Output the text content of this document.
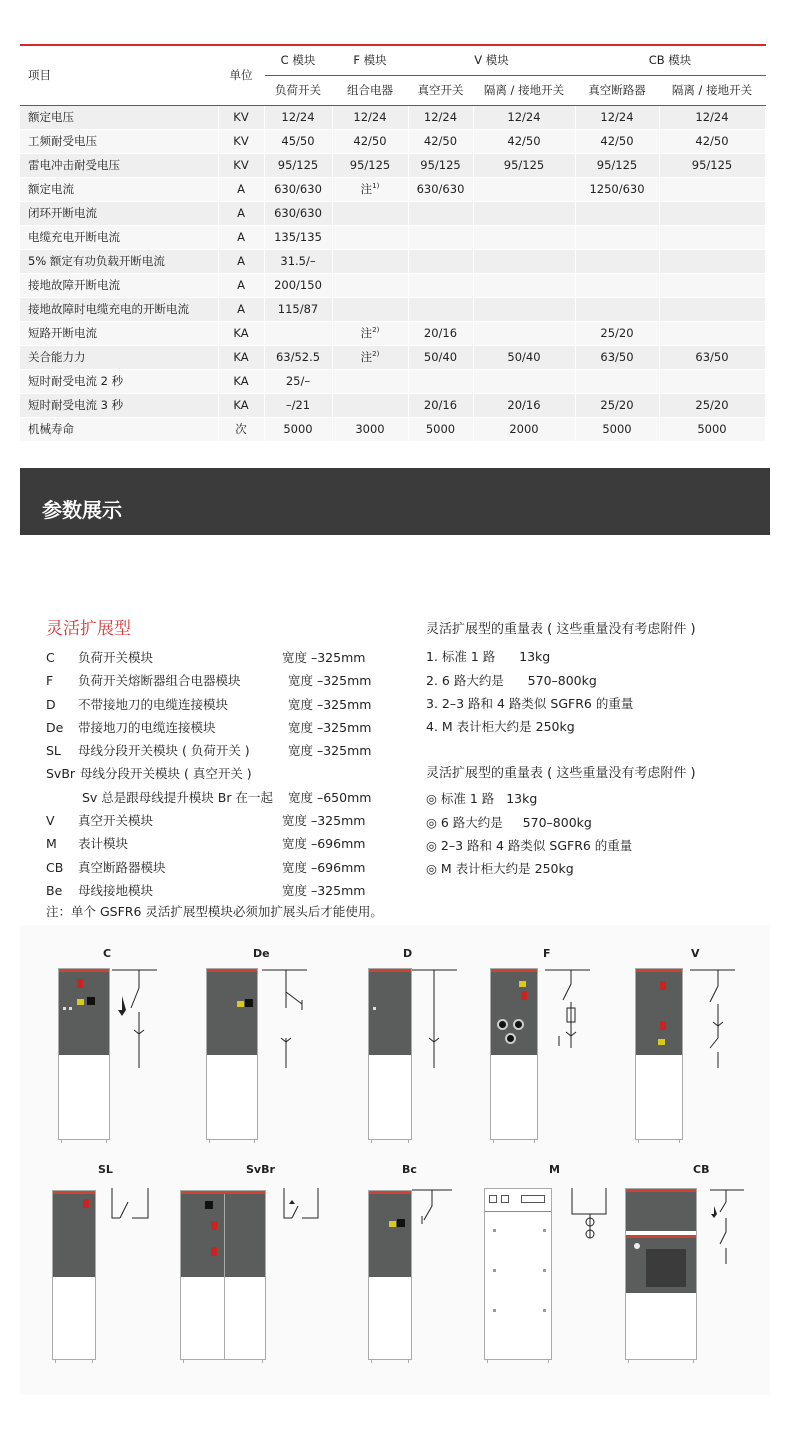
项目	单位	C 模块	F 模块	V 模块		CB 模块	
		负荷开关	组合电器	真空开关	隔离 / 接地开关	真空断路器	隔离 / 接地开关
额定电压	KV	12/24	12/24	12/24	12/24	12/24	12/24
工频耐受电压	KV	45/50	42/50	42/50	42/50	42/50	42/50
雷电冲击耐受电压	KV	95/125	95/125	95/125	95/125	95/125	95/125
额定电流	A	630/630	注$^{1)}$	630/630		1250/630	
闭环开断电流	A	630/630					
电缆充电开断电流	A	135/135					
5% 额定有功负载开断电流	A	31.5/–					
接地故障开断电流	A	200/150					
接地故障时电缆充电的开断电流	A	115/87					
短路开断电流	KA		注$^{2)}$	20/16		25/20	
关合能力力	KA	63/52.5	注$^{2)}$	50/40	50/40	63/50	63/50
短时耐受电流 2 秒	KA	25/–					
短时耐受电流 3 秒	KA	–/21		20/16	20/16	25/20	25/20
机械寿命	次	5000	3000	5000	2000	5000	5000
参数展示
灵活扩展型
C 负荷开关模块	宽度 –325mm
F 负荷开关熔断器组合电器模块	宽度 –325mm
D 不带接地刀的电缆连接模块	宽度 –325mm
De 带接地刀的电缆连接模块	宽度 –325mm
SL 母线分段开关模块 ( 负荷开关 )	宽度 –325mm
SvBr 母线分段开关模块 ( 真空开关 )
Sv 总是跟母线提升模块 Br 在一起 宽度 –650mm
V 真空开关模块	宽度 –325mm
M 表计模块	宽度 –696mm
CB 真空断路器模块	宽度 –696mm
Be 母线接地模块	宽度 –325mm
注：单个 GSFR6 灵活扩展型模块必须加扩展头后才能使用。
灵活扩展型的重量表 ( 这些重量没有考虑附件 )
1. 标准 1 路      13kg
2. 6 路大约是      570–800kg
3. 2–3 路和 4 路类似 SGFR6 的重量
4. M 表计柜大约是 250kg
灵活扩展型的重量表 ( 这些重量没有考虑附件 )
◎ 标准 1 路   13kg
◎ 6 路大约是     570–800kg
◎ 2–3 路和 4 路类似 SGFR6 的重量
◎ M 表计柜大约是 250kg
C	De	D	F	V
SL	SvBr	Bc	M	CB
